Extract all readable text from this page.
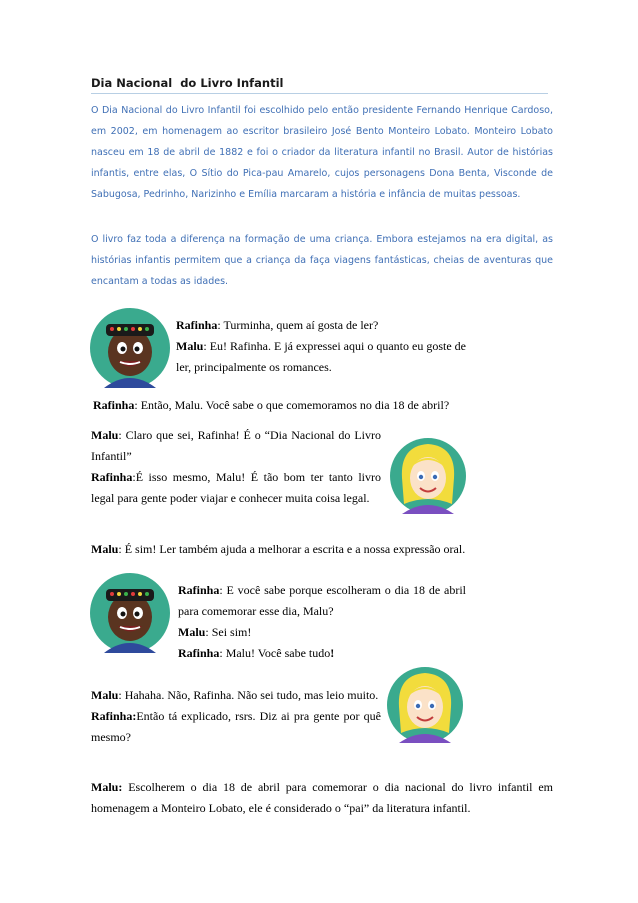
Dia Nacional  do Livro Infantil

O Dia Nacional do Livro Infantil foi escolhido pelo então presidente Fernando Henrique Cardoso, em 2002, em homenagem ao escritor brasileiro José Bento Monteiro Lobato. Monteiro Lobato nasceu em 18 de abril de 1882 e foi o criador da literatura infantil no Brasil. Autor de histórias infantis, entre elas, O Sítio do Pica-pau Amarelo, cujos personagens Dona Benta, Visconde de Sabugosa, Pedrinho, Narizinho e Emília marcaram a história e infância de muitas pessoas.

O livro faz toda a diferença na formação de uma criança. Embora estejamos na era digital, as histórias infantis permitem que a criança da faça viagens fantásticas, cheias de aventuras que encantam a todas as idades.

Rafinha: Turminha, quem aí gosta de ler?
Malu: Eu! Rafinha. E já expressei aqui o quanto eu goste de ler, principalmente os romances.

Rafinha: Então, Malu. Você sabe o que comemoramos no dia 18 de abril?

Malu: Claro que sei, Rafinha! É o “Dia Nacional do Livro Infantil”
Rafinha:É isso mesmo, Malu! É tão bom ter tanto livro legal para gente poder viajar e conhecer muita coisa legal.

Malu: É sim! Ler também ajuda a melhorar a escrita e a nossa expressão oral.

Rafinha: E você sabe porque escolheram o dia 18 de abril para comemorar esse dia, Malu?
Malu: Sei sim!
Rafinha: Malu! Você sabe tudo!

Malu: Hahaha. Não, Rafinha. Não sei tudo, mas leio muito.
Rafinha:Então tá explicado, rsrs. Diz ai pra gente por quê mesmo?

Malu: Escolherem o dia 18 de abril para comemorar o dia nacional do livro infantil em homenagem a Monteiro Lobato, ele é considerado o “pai” da literatura infantil.
